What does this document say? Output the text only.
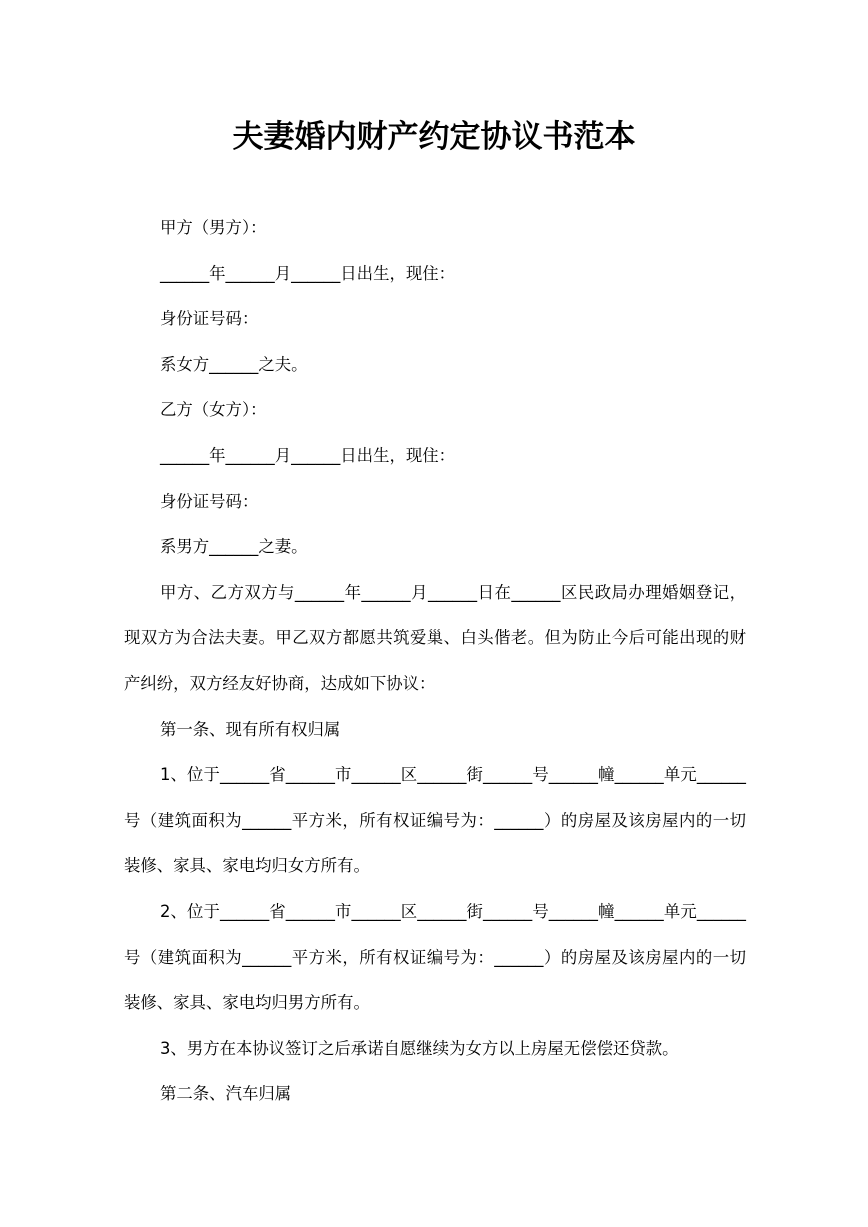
夫妻婚内财产约定协议书范本

甲方（男方）：

______年______月______日出生，现住：

身份证号码：

系女方______之夫。

乙方（女方）：

______年______月______日出生，现住：

身份证号码：

系男方______之妻。

甲方、乙方双方与______年______月______日在______区民政局办理婚姻登记，现双方为合法夫妻。甲乙双方都愿共筑爱巢、白头偕老。但为防止今后可能出现的财产纠纷，双方经友好协商，达成如下协议：

第一条、现有所有权归属

1、位于______省______市______区______街______号______幢______单元______号（建筑面积为______平方米，所有权证编号为：______）的房屋及该房屋内的一切装修、家具、家电均归女方所有。

2、位于______省______市______区______街______号______幢______单元______号（建筑面积为______平方米，所有权证编号为：______）的房屋及该房屋内的一切装修、家具、家电均归男方所有。

3、男方在本协议签订之后承诺自愿继续为女方以上房屋无偿偿还贷款。

第二条、汽车归属
